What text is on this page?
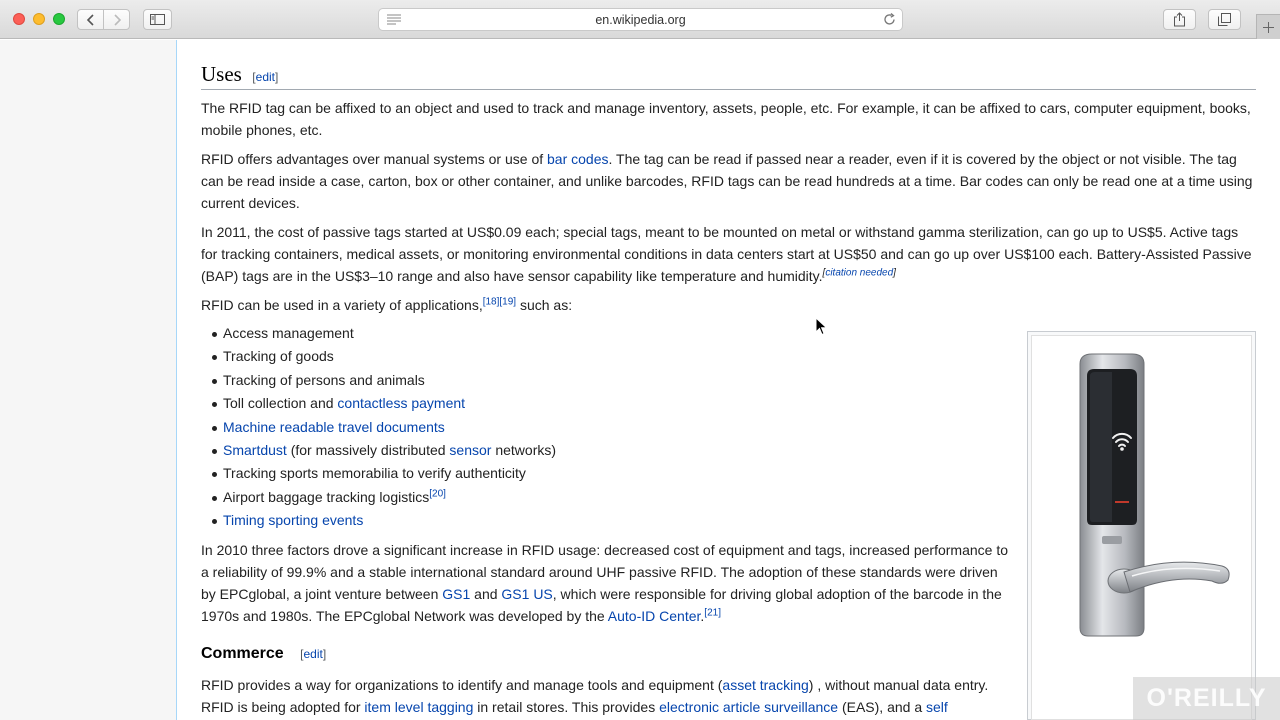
en.wikipedia.org
Uses [edit]

The RFID tag can be affixed to an object and used to track and manage inventory, assets, people, etc. For example, it can be affixed to cars, computer equipment, books, mobile phones, etc.

RFID offers advantages over manual systems or use of bar codes. The tag can be read if passed near a reader, even if it is covered by the object or not visible. The tag can be read inside a case, carton, box or other container, and unlike barcodes, RFID tags can be read hundreds at a time. Bar codes can only be read one at a time using current devices.

In 2011, the cost of passive tags started at US$0.09 each; special tags, meant to be mounted on metal or withstand gamma sterilization, can go up to US$5. Active tags for tracking containers, medical assets, or monitoring environmental conditions in data centers start at US$50 and can go up over US$100 each. Battery-Assisted Passive (BAP) tags are in the US$3–10 range and also have sensor capability like temperature and humidity.[citation needed]

RFID can be used in a variety of applications,[18][19] such as:

Access management
Tracking of goods
Tracking of persons and animals
Toll collection and contactless payment
Machine readable travel documents
Smartdust (for massively distributed sensor networks)
Tracking sports memorabilia to verify authenticity
Airport baggage tracking logistics[20]
Timing sporting events

In 2010 three factors drove a significant increase in RFID usage: decreased cost of equipment and tags, increased performance to a reliability of 99.9% and a stable international standard around UHF passive RFID. The adoption of these standards were driven by EPCglobal, a joint venture between GS1 and GS1 US, which were responsible for driving global adoption of the barcode in the 1970s and 1980s. The EPCglobal Network was developed by the Auto-ID Center.[21]

Commerce [edit]

RFID provides a way for organizations to identify and manage tools and equipment (asset tracking) , without manual data entry. RFID is being adopted for item level tagging in retail stores. This provides electronic article surveillance (EAS), and a self	O'REILLY
